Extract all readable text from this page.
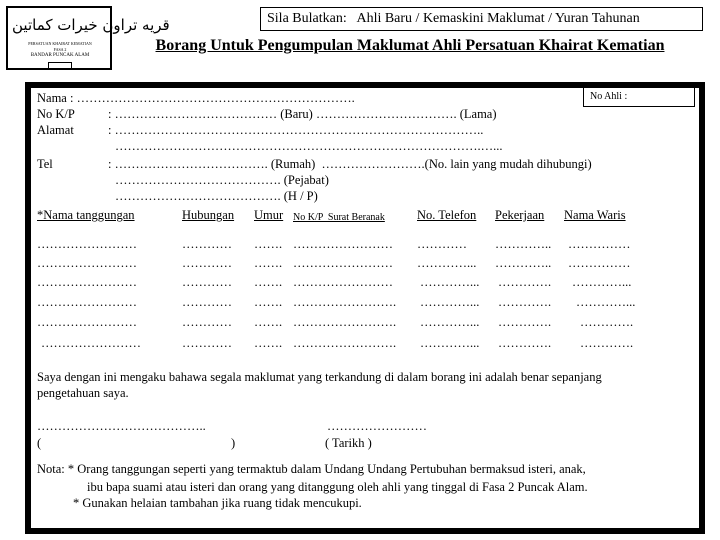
قريه تراون خيرات كماتين
PERSATUAN KHAIRAT KEMATIAN
FASA 2
BANDAR PUNCAK ALAM
Sila Bulatkan: Ahli Baru / Kemaskini Maklumat / Yuran Tahunan
Borang Untuk Pengumpulan Maklumat Ahli Persatuan Khairat Kematian
No Ahli :
Nama : ………………………………………………………….
No K/P	: ………………………………… (Baru) ……………………………. (Lama)
Alamat	: ……………………………………………………………………………..
…………………………………………………………………………….…...
Tel	: ………………………………. (Rumah)  …………………….(No. lain yang mudah dihubungi)
…………………………………. (Pejabat)
…………………………………. (H / P)
*Nama tanggungan	Hubungan Umur No K/P  Surat Beranak	No. Telefon Pekerjaan Nama Waris
……………………	………… ……. …………………… ………… ………….. ……………
……………………	………… ……. …………………… …………... ………….. ……………
……………………	………… ……. …………………… …………... …………. …………...
……………………	………… ……. ……………………. …………... …………. …………...
……………………	………… ……. ……………………. …………... …………. ………….
……………………	………… ……. ……………………. …………... …………. ………….
Saya dengan ini mengaku bahawa segala maklumat yang terkandung di dalam borang ini adalah benar sepanjang
pengetahuan saya.
…………………………………..	……………………
(	)	( Tarikh )
Nota: * Orang tanggungan seperti yang termaktub dalam Undang Undang Pertubuhan bermaksud isteri, anak,
ibu bapa suami atau isteri dan orang yang ditanggung oleh ahli yang tinggal di Fasa 2 Puncak Alam.
* Gunakan helaian tambahan jika ruang tidak mencukupi.
